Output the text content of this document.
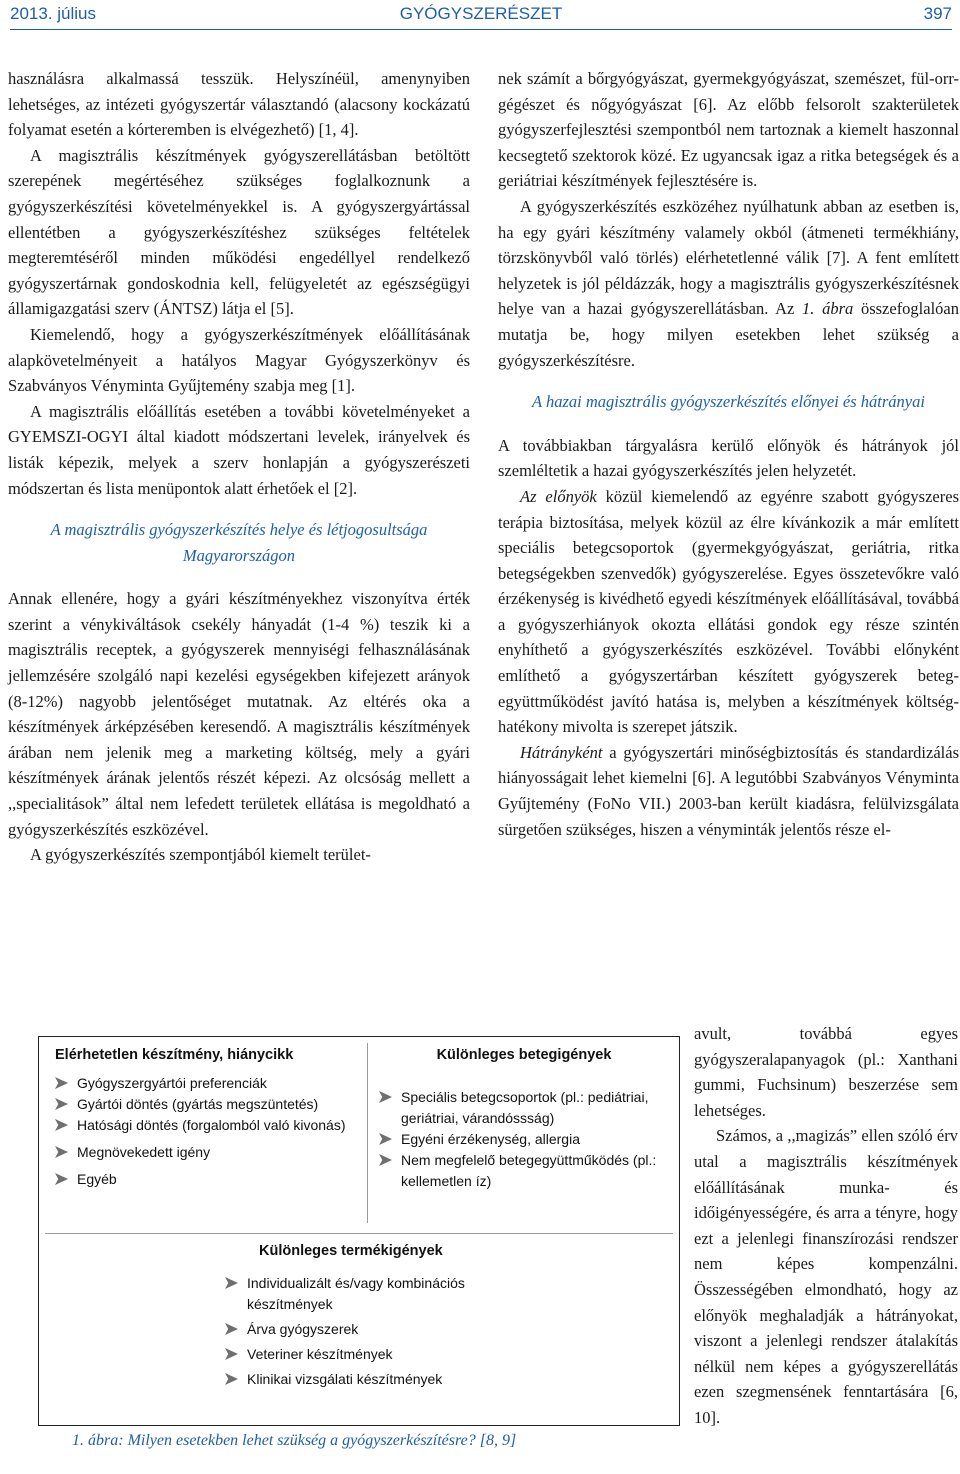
2013. július	GYÓGYSZERÉSZET	397

használásra alkalmassá tesszük. Helyszínéül, amenynyiben lehetséges, az intézeti gyógyszertár választandó (alacsony kockázatú folyamat esetén a kórteremben is elvégezhető) [1, 4].

A magisztrális készítmények gyógyszerellátásban betöltött szerepének megértéséhez szükséges foglalkoznunk a gyógyszerkészítési követelményekkel is. A gyógyszergyártással ellentétben a gyógyszerkészítéshez szükséges feltételek megteremtéséről minden működési engedéllyel rendelkező gyógyszertárnak gondoskodnia kell, felügyeletét az egészségügyi államigazgatási szerv (ÁNTSZ) látja el [5].

Kiemelendő, hogy a gyógyszerkészítmények előállításának alapkövetelményeit a hatályos Magyar Gyógyszerkönyv és Szabványos Vényminta Gyűjtemény szabja meg [1].

A magisztrális előállítás esetében a további követelményeket a GYEMSZI-OGYI által kiadott módszertani levelek, irányelvek és listák képezik, melyek a szerv honlapján a gyógyszerészeti módszertan és lista menüpontok alatt érhetőek el [2].

A magisztrális gyógyszerkészítés helye és létjogosultsága Magyarországon

Annak ellenére, hogy a gyári készítményekhez viszonyítva érték szerint a vénykiváltások csekély hányadát (1-4 %) teszik ki a magisztrális receptek, a gyógyszerek mennyiségi felhasználásának jellemzésére szolgáló napi kezelési egységekben kifejezett arányok (8-12%) nagyobb jelentőséget mutatnak. Az eltérés oka a készítmények árképzésében keresendő. A magisztrális készítmények árában nem jelenik meg a marketing költség, mely a gyári készítmények árának jelentős részét képezi. Az olcsóság mellett a ,,specialitások” által nem lefedett területek ellátása is megoldható a gyógyszerkészítés eszközével.

A gyógyszerkészítés szempontjából kiemelt terület-

nek számít a bőrgyógyászat, gyermekgyógyászat, szemészet, fül-orr-gégészet és nőgyógyászat [6]. Az előbb felsorolt szakterületek gyógyszerfejlesztési szempontból nem tartoznak a kiemelt haszonnal kecsegtető szektorok közé. Ez ugyancsak igaz a ritka betegségek és a geriátriai készítmények fejlesztésére is.

A gyógyszerkészítés eszközéhez nyúlhatunk abban az esetben is, ha egy gyári készítmény valamely okból (átmeneti termékhiány, törzskönyvből való törlés) elérhetetlenné válik [7]. A fent említett helyzetek is jól példázzák, hogy a magisztrális gyógyszerkészítésnek helye van a hazai gyógyszerellátásban. Az 1. ábra összefoglalóan mutatja be, hogy milyen esetekben lehet szükség a gyógyszerkészítésre.

A hazai magisztrális gyógyszerkészítés előnyei és hátrányai

A továbbiakban tárgyalásra kerülő előnyök és hátrányok jól szemléltetik a hazai gyógyszerkészítés jelen helyzetét.

Az előnyök közül kiemelendő az egyénre szabott gyógyszeres terápia biztosítása, melyek közül az élre kívánkozik a már említett speciális betegcsoportok (gyermekgyógyászat, geriátria, ritka betegségekben szenvedők) gyógyszerelése. Egyes összetevőkre való érzékenység is kivédhető egyedi készítmények előállításával, továbbá a gyógyszerhiányok okozta ellátási gondok egy része szintén enyhíthető a gyógyszerkészítés eszközével. További előnyként említhető a gyógyszertárban készített gyógyszerek beteg-együttműködést javító hatása is, melyben a készítmények költség-hatékony mivolta is szerepet játszik.

Hátrányként a gyógyszertári minőségbiztosítás és standardizálás hiányosságait lehet kiemelni [6]. A legutóbbi Szabványos Vényminta Gyűjtemény (FoNo VII.) 2003-ban került kiadásra, felülvizsgálata sürgetően szükséges, hiszen a vényminták jelentős része el-

avult, továbbá egyes gyógyszeralapanyagok (pl.: Xanthani gummi, Fuchsinum) beszerzése sem lehetséges.

Számos, a ,,magizás” ellen szóló érv utal a magisztrális készítmények előállításának munka- és időigényességére, és arra a tényre, hogy ezt a jelenlegi finanszírozási rendszer nem képes kompenzálni. Összességében elmondható, hogy az előnyök meghaladják a hátrányokat, viszont a jelenlegi rendszer átalakítás nélkül nem képes a gyógyszerellátás ezen szegmensének fenntartására [6, 10].

Elérhetetlen készítmény, hiánycikk
Gyógyszergyártói preferenciák
Gyártói döntés (gyártás megszüntetés)
Hatósági döntés (forgalomból való kivonás)
Megnövekedett igény
Egyéb
Különleges betegigények
Speciális betegcsoportok (pl.: pediátriai, geriátriai, várandóssság)
Egyéni érzékenység, allergia
Nem megfelelő betegegyüttműködés (pl.: kellemetlen íz)
Különleges termékigények
Individualizált és/vagy kombinációs készítmények
Árva gyógyszerek
Veteriner készítmények
Klinikai vizsgálati készítmények
1. ábra: Milyen esetekben lehet szükség a gyógyszerkészítésre? [8, 9]
